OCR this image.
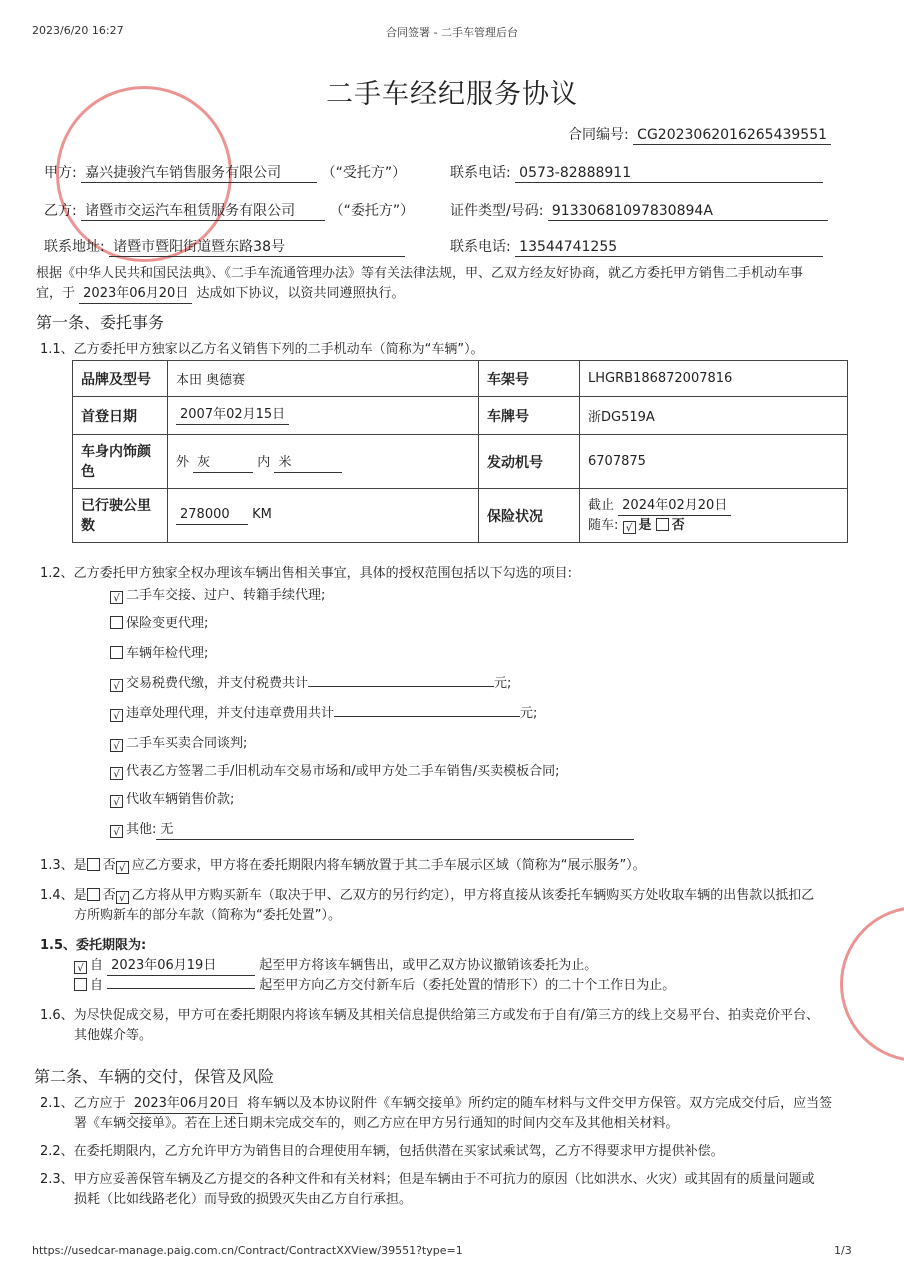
2023/6/20 16:27	合同签署 - 二手车管理后台
二手车经纪服务协议
合同编号: CG2023062016265439551
甲方: 嘉兴捷骏汽车销售服务有限公司	（“受托方”）	联系电话: 0573-82888911
乙方: 诸暨市交运汽车租赁服务有限公司 （“委托方”）	证件类型/号码: 91330681097830894A
联系地址: 诸暨市暨阳街道暨东路38号	联系电话: 13544741255
根据《中华人民共和国民法典》、《二手车流通管理办法》等有关法律法规，甲、乙双方经友好协商，就乙方委托甲方销售二手机动车事
宜，于 2023年06月20日 达成如下协议，以资共同遵照执行。
第一条、委托事务
1.1、乙方委托甲方独家以乙方名义销售下列的二手机动车（简称为“车辆”）。
品牌及型号	本田 奥德赛	车架号	LHGRB186872007816
首登日期	2007年02月15日	车牌号	浙DG519A
车身内饰颜色	外 灰 内 米	发动机号	6707875
已行驶公里数	278000 KM	保险状况	截止 2024年02月20日
随车: √ 是 否
1.2、乙方委托甲方独家全权办理该车辆出售相关事宜，具体的授权范围包括以下勾选的项目:
√ 二手车交接、过户、转籍手续代理;
保险变更代理;
车辆年检代理;
√ 交易税费代缴，并支付税费共计	元;
√ 违章处理代理，并支付违章费用共计	元;
√ 二手车买卖合同谈判;
√ 代表乙方签署二手/旧机动车交易市场和/或甲方处二手车销售/买卖模板合同;
√ 代收车辆销售价款;
√ 其他: 无
1.3、是 否 √ 应乙方要求，甲方将在委托期限内将车辆放置于其二手车展示区域（简称为“展示服务”）。
1.4、是 否 √ 乙方将从甲方购买新车（取决于甲、乙双方的另行约定），甲方将直接从该委托车辆购买方处收取车辆的出售款以抵扣乙
方所购新车的部分车款（简称为“委托处置”）。
1.5、委托期限为:
√ 自 2023年06月19日	起至甲方将该车辆售出，或甲乙双方协议撤销该委托为止。
自	起至甲方向乙方交付新车后（委托处置的情形下）的二十个工作日为止。
1.6、为尽快促成交易，甲方可在委托期限内将该车辆及其相关信息提供给第三方或发布于自有/第三方的线上交易平台、拍卖竞价平台、
其他媒介等。
第二条、车辆的交付，保管及风险
2.1、乙方应于 2023年06月20日 将车辆以及本协议附件《车辆交接单》所约定的随车材料与文件交甲方保管。双方完成交付后，应当签
署《车辆交接单》。若在上述日期未完成交车的，则乙方应在甲方另行通知的时间内交车及其他相关材料。
2.2、在委托期限内，乙方允许甲方为销售目的合理使用车辆，包括供潜在买家试乘试驾，乙方不得要求甲方提供补偿。
2.3、甲方应妥善保管车辆及乙方提交的各种文件和有关材料；但是车辆由于不可抗力的原因（比如洪水、火灾）或其固有的质量问题或
损耗（比如线路老化）而导致的损毁灭失由乙方自行承担。
https://usedcar-manage.paig.com.cn/Contract/ContractXXView/39551?type=1	1/3
